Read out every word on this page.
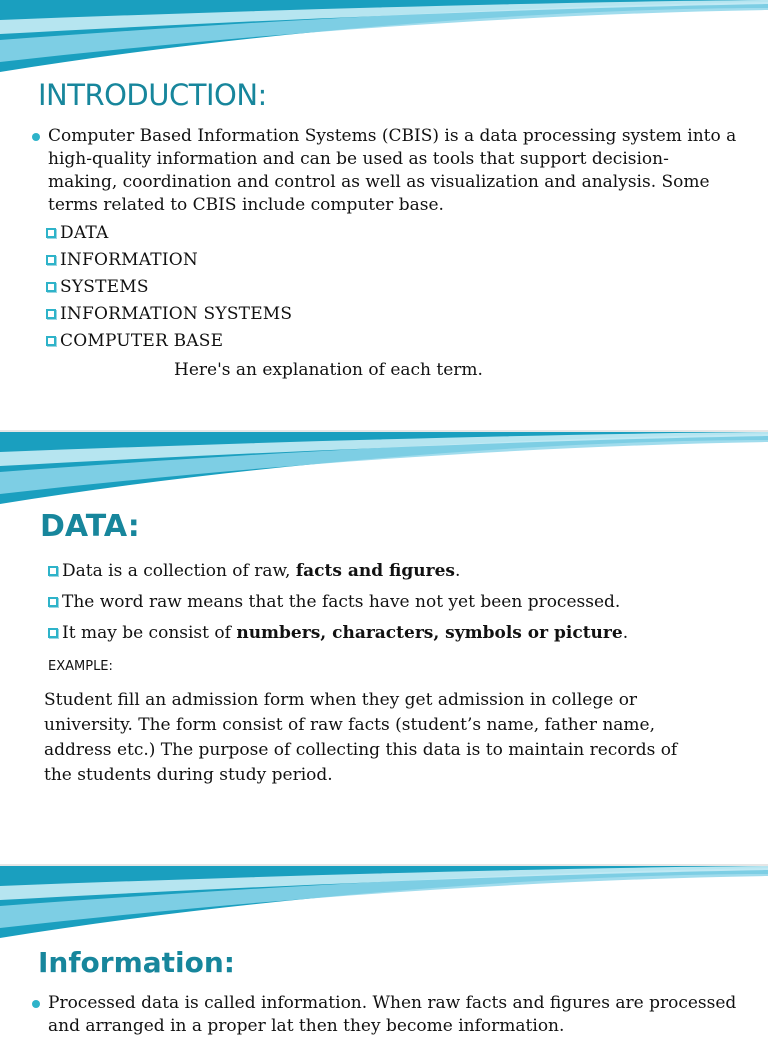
INTRODUCTION:
Computer Based Information Systems (CBIS) is a data processing system into a high-quality information and can be used as tools that support decision-making, coordination and control as well as visualization and analysis. Some terms related to CBIS include computer base.
DATA
INFORMATION
SYSTEMS
INFORMATION SYSTEMS
COMPUTER BASE
Here's an explanation of each term.
DATA:
Data is a collection of raw, facts and figures.
The word raw means that the facts have not yet been processed.
It may be consist of numbers, characters, symbols or picture.
EXAMPLE:
Student fill an admission form when they get admission in college or university. The form consist of raw facts (student’s name, father name, address etc.) The purpose of collecting this data is to maintain records of the students during study period.
Information:
Processed data is called information. When raw facts and figures are processed and arranged in a proper lat then they become information.
